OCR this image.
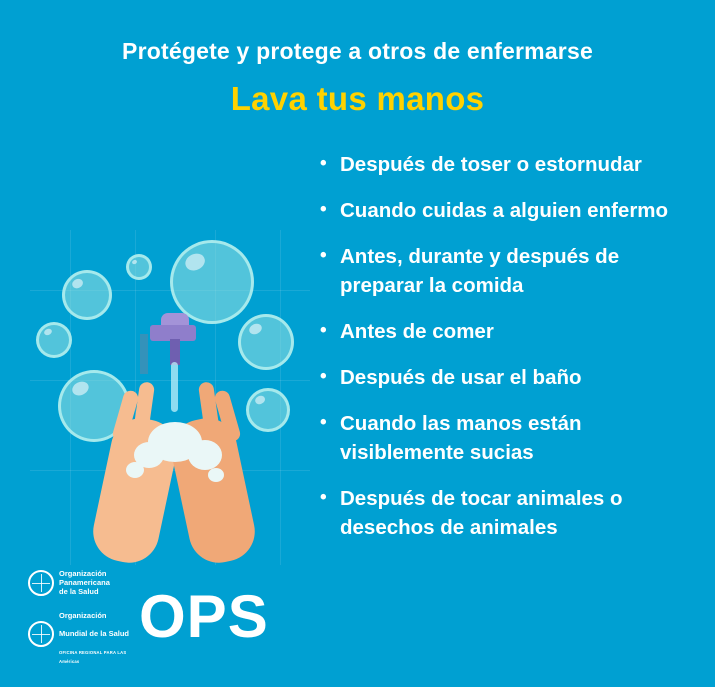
Protégete y protege a otros de enfermarse
Lava tus manos
• Después de toser o estornudar
• Cuando cuidas a alguien enfermo
• Antes, durante y después de preparar la comida
• Antes de comer
• Después de usar el baño
• Cuando las manos están visiblemente sucias
• Después de tocar animales o desechos de animales
Organización
Panamericana
de la Salud

Organización

Mundial de la Salud

OFICINA REGIONAL PARA LAS
Américas

OPS
